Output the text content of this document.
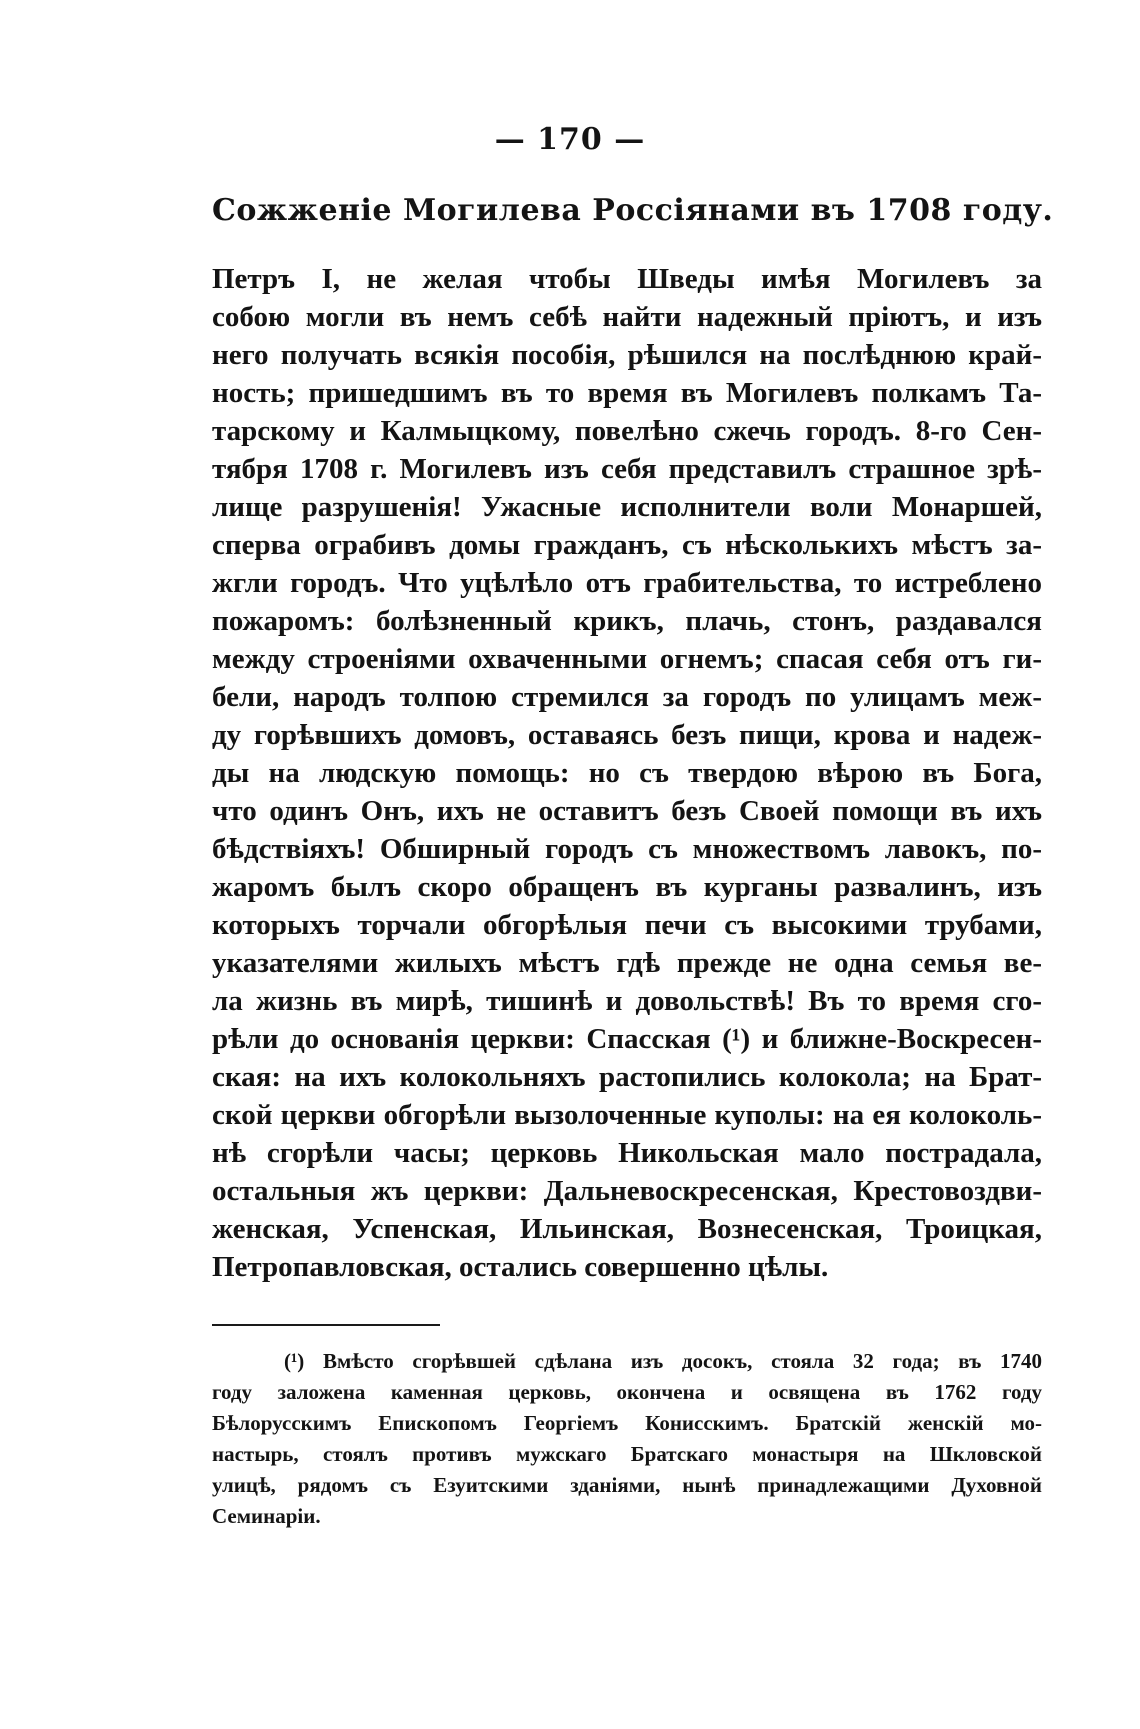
— 170 —
Сожженіе Могилева Россіянами въ 1708 году.
Петръ I, не желая чтобы Шведы имѣя Могилевъ за
собою могли въ немъ себѣ найти надежный пріютъ, и изъ
него получать всякія пособія, рѣшился на послѣднюю край-
ность; пришедшимъ въ то время въ Могилевъ полкамъ Та-
тарскому и Калмыцкому, повелѣно сжечь городъ. 8-го Сен-
тября 1708 г. Могилевъ изъ себя представилъ страшное зрѣ-
лище разрушенія! Ужасные исполнители воли Монаршей,
сперва ограбивъ домы гражданъ, съ нѣсколькихъ мѣстъ за-
жгли городъ. Что уцѣлѣло отъ грабительства, то истреблено
пожаромъ: болѣзненный крикъ, плачь, стонъ, раздавался
между строеніями охваченными огнемъ; спасая себя отъ ги-
бели, народъ толпою стремился за городъ по улицамъ меж-
ду горѣвшихъ домовъ, оставаясь безъ пищи, крова и надеж-
ды на людскую помощь: но съ твердою вѣрою въ Бога,
что одинъ Онъ, ихъ не оставитъ безъ Своей помощи въ ихъ
бѣдствіяхъ! Обширный городъ съ множествомъ лавокъ, по-
жаромъ былъ скоро обращенъ въ курганы развалинъ, изъ
которыхъ торчали обгорѣлыя печи съ высокими трубами,
указателями жилыхъ мѣстъ гдѣ прежде не одна семья ве-
ла жизнь въ мирѣ, тишинѣ и довольствѣ! Въ то время сго-
рѣли до основанія церкви: Спасская (¹) и ближне-Воскресен-
ская: на ихъ колокольняхъ растопились колокола; на Брат-
ской церкви обгорѣли вызолоченные куполы: на ея колоколь-
нѣ сгорѣли часы; церковь Никольская мало пострадала,
остальныя жъ церкви: Дальневоскресенская, Крестовоздви-
женская, Успенская, Ильинская, Вознесенская, Троицкая,
Петропавловская, остались совершенно цѣлы.
(¹) Вмѣсто сгорѣвшей сдѣлана изъ досокъ, стояла 32 года; въ 1740
году заложена каменная церковь, окончена и освящена въ 1762 году
Бѣлорусскимъ Епископомъ Георгіемъ Конисскимъ. Братскій женскій мо-
настырь, стоялъ противъ мужскаго Братскаго монастыря на Шкловской
улицѣ, рядомъ съ Езуитскими зданіями, нынѣ принадлежащими Духовной
Семинаріи.
